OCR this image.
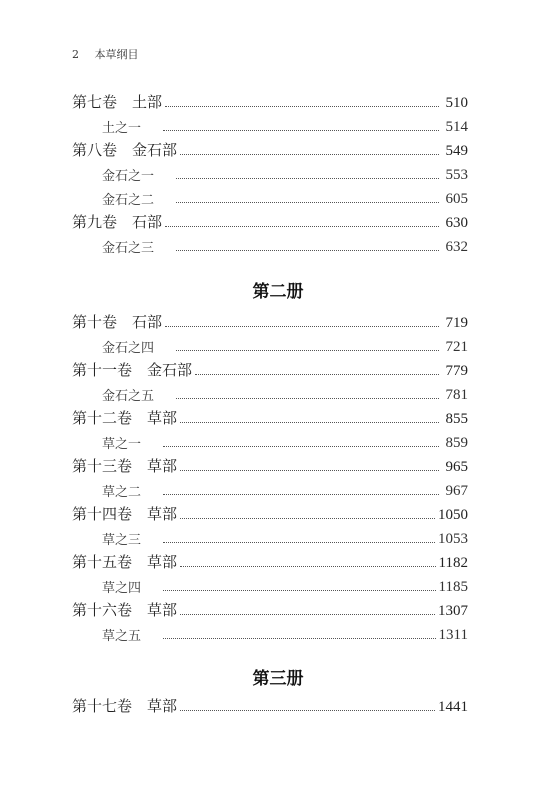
2 本草纲目
第七卷　土部	510
土之一	514
第八卷　金石部	549
金石之一	553
金石之二	605
第九卷　石部	630
金石之三	632
第二册
第十卷　石部	719
金石之四	721
第十一卷　金石部	779
金石之五	781
第十二卷　草部	855
草之一	859
第十三卷　草部	965
草之二	967
第十四卷　草部	1050
草之三	1053
第十五卷　草部	1182
草之四	1185
第十六卷　草部	1307
草之五	1311
第三册
第十七卷　草部	1441
